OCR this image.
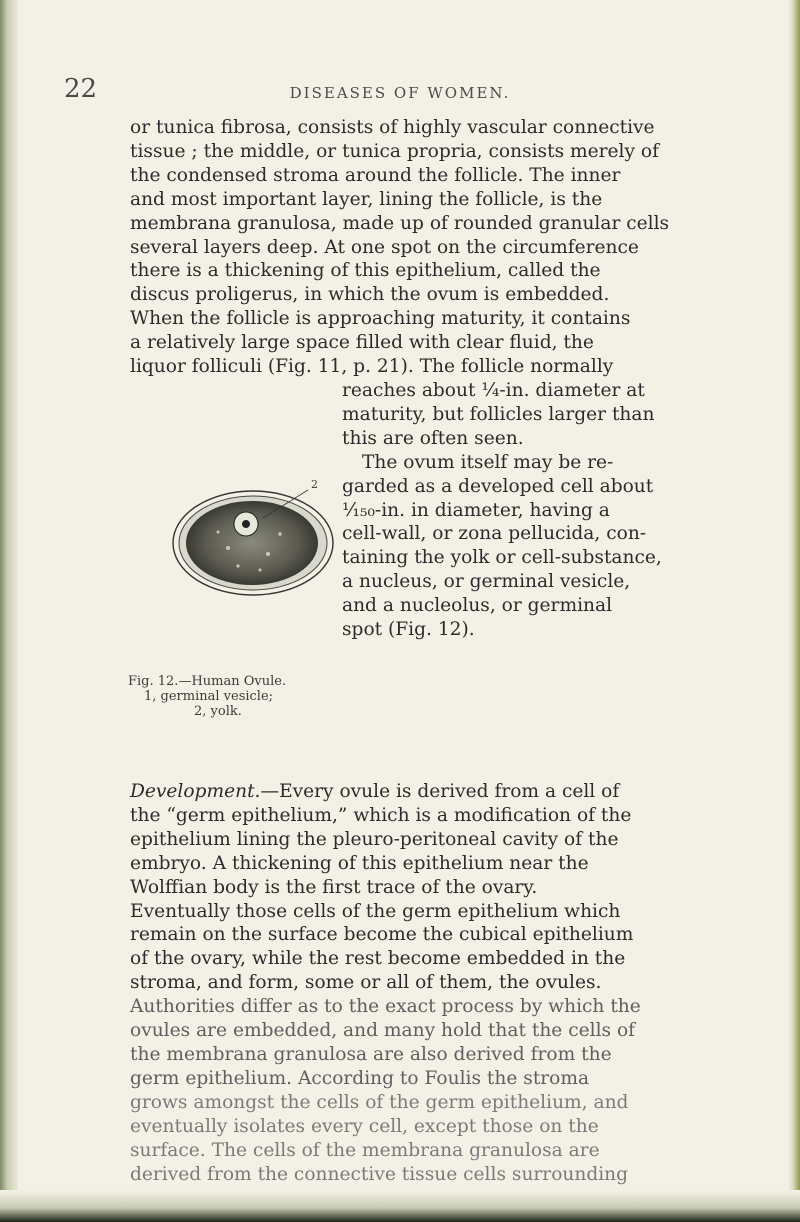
22	DISEASES OF WOMEN.

or tunica fibrosa, consists of highly vascular connective

tissue ; the middle, or tunica propria, consists merely of

the condensed stroma around the follicle. The inner

and most important layer, lining the follicle, is the

membrana granulosa, made up of rounded granular cells

several layers deep. At one spot on the circumference

there is a thickening of this epithelium, called the

discus proligerus, in which the ovum is embedded.

When the follicle is approaching maturity, it contains

a relatively large space filled with clear fluid, the

liquor folliculi (Fig. 11, p. 21). The follicle normally

reaches about ¼-in. diameter at

maturity, but follicles larger than

this are often seen.

The ovum itself may be re-

garded as a developed cell about

¹⁄₁₅₀-in. in diameter, having a

cell-wall, or zona pellucida, con-

taining the yolk or cell-substance,

a nucleus, or germinal vesicle,

and a nucleolus, or germinal

spot (Fig. 12).

2
Fig. 12.—Human Ovule.
1, germinal vesicle;
2, yolk.

Development.—Every ovule is derived from a cell of

the “germ epithelium,” which is a modification of the

epithelium lining the pleuro-peritoneal cavity of the

embryo. A thickening of this epithelium near the

Wolffian body is the first trace of the ovary.

Eventually those cells of the germ epithelium which

remain on the surface become the cubical epithelium

of the ovary, while the rest become embedded in the

stroma, and form, some or all of them, the ovules.

Authorities differ as to the exact process by which the

ovules are embedded, and many hold that the cells of

the membrana granulosa are also derived from the

germ epithelium. According to Foulis the stroma

grows amongst the cells of the germ epithelium, and

eventually isolates every cell, except those on the

surface. The cells of the membrana granulosa are

derived from the connective tissue cells surrounding
